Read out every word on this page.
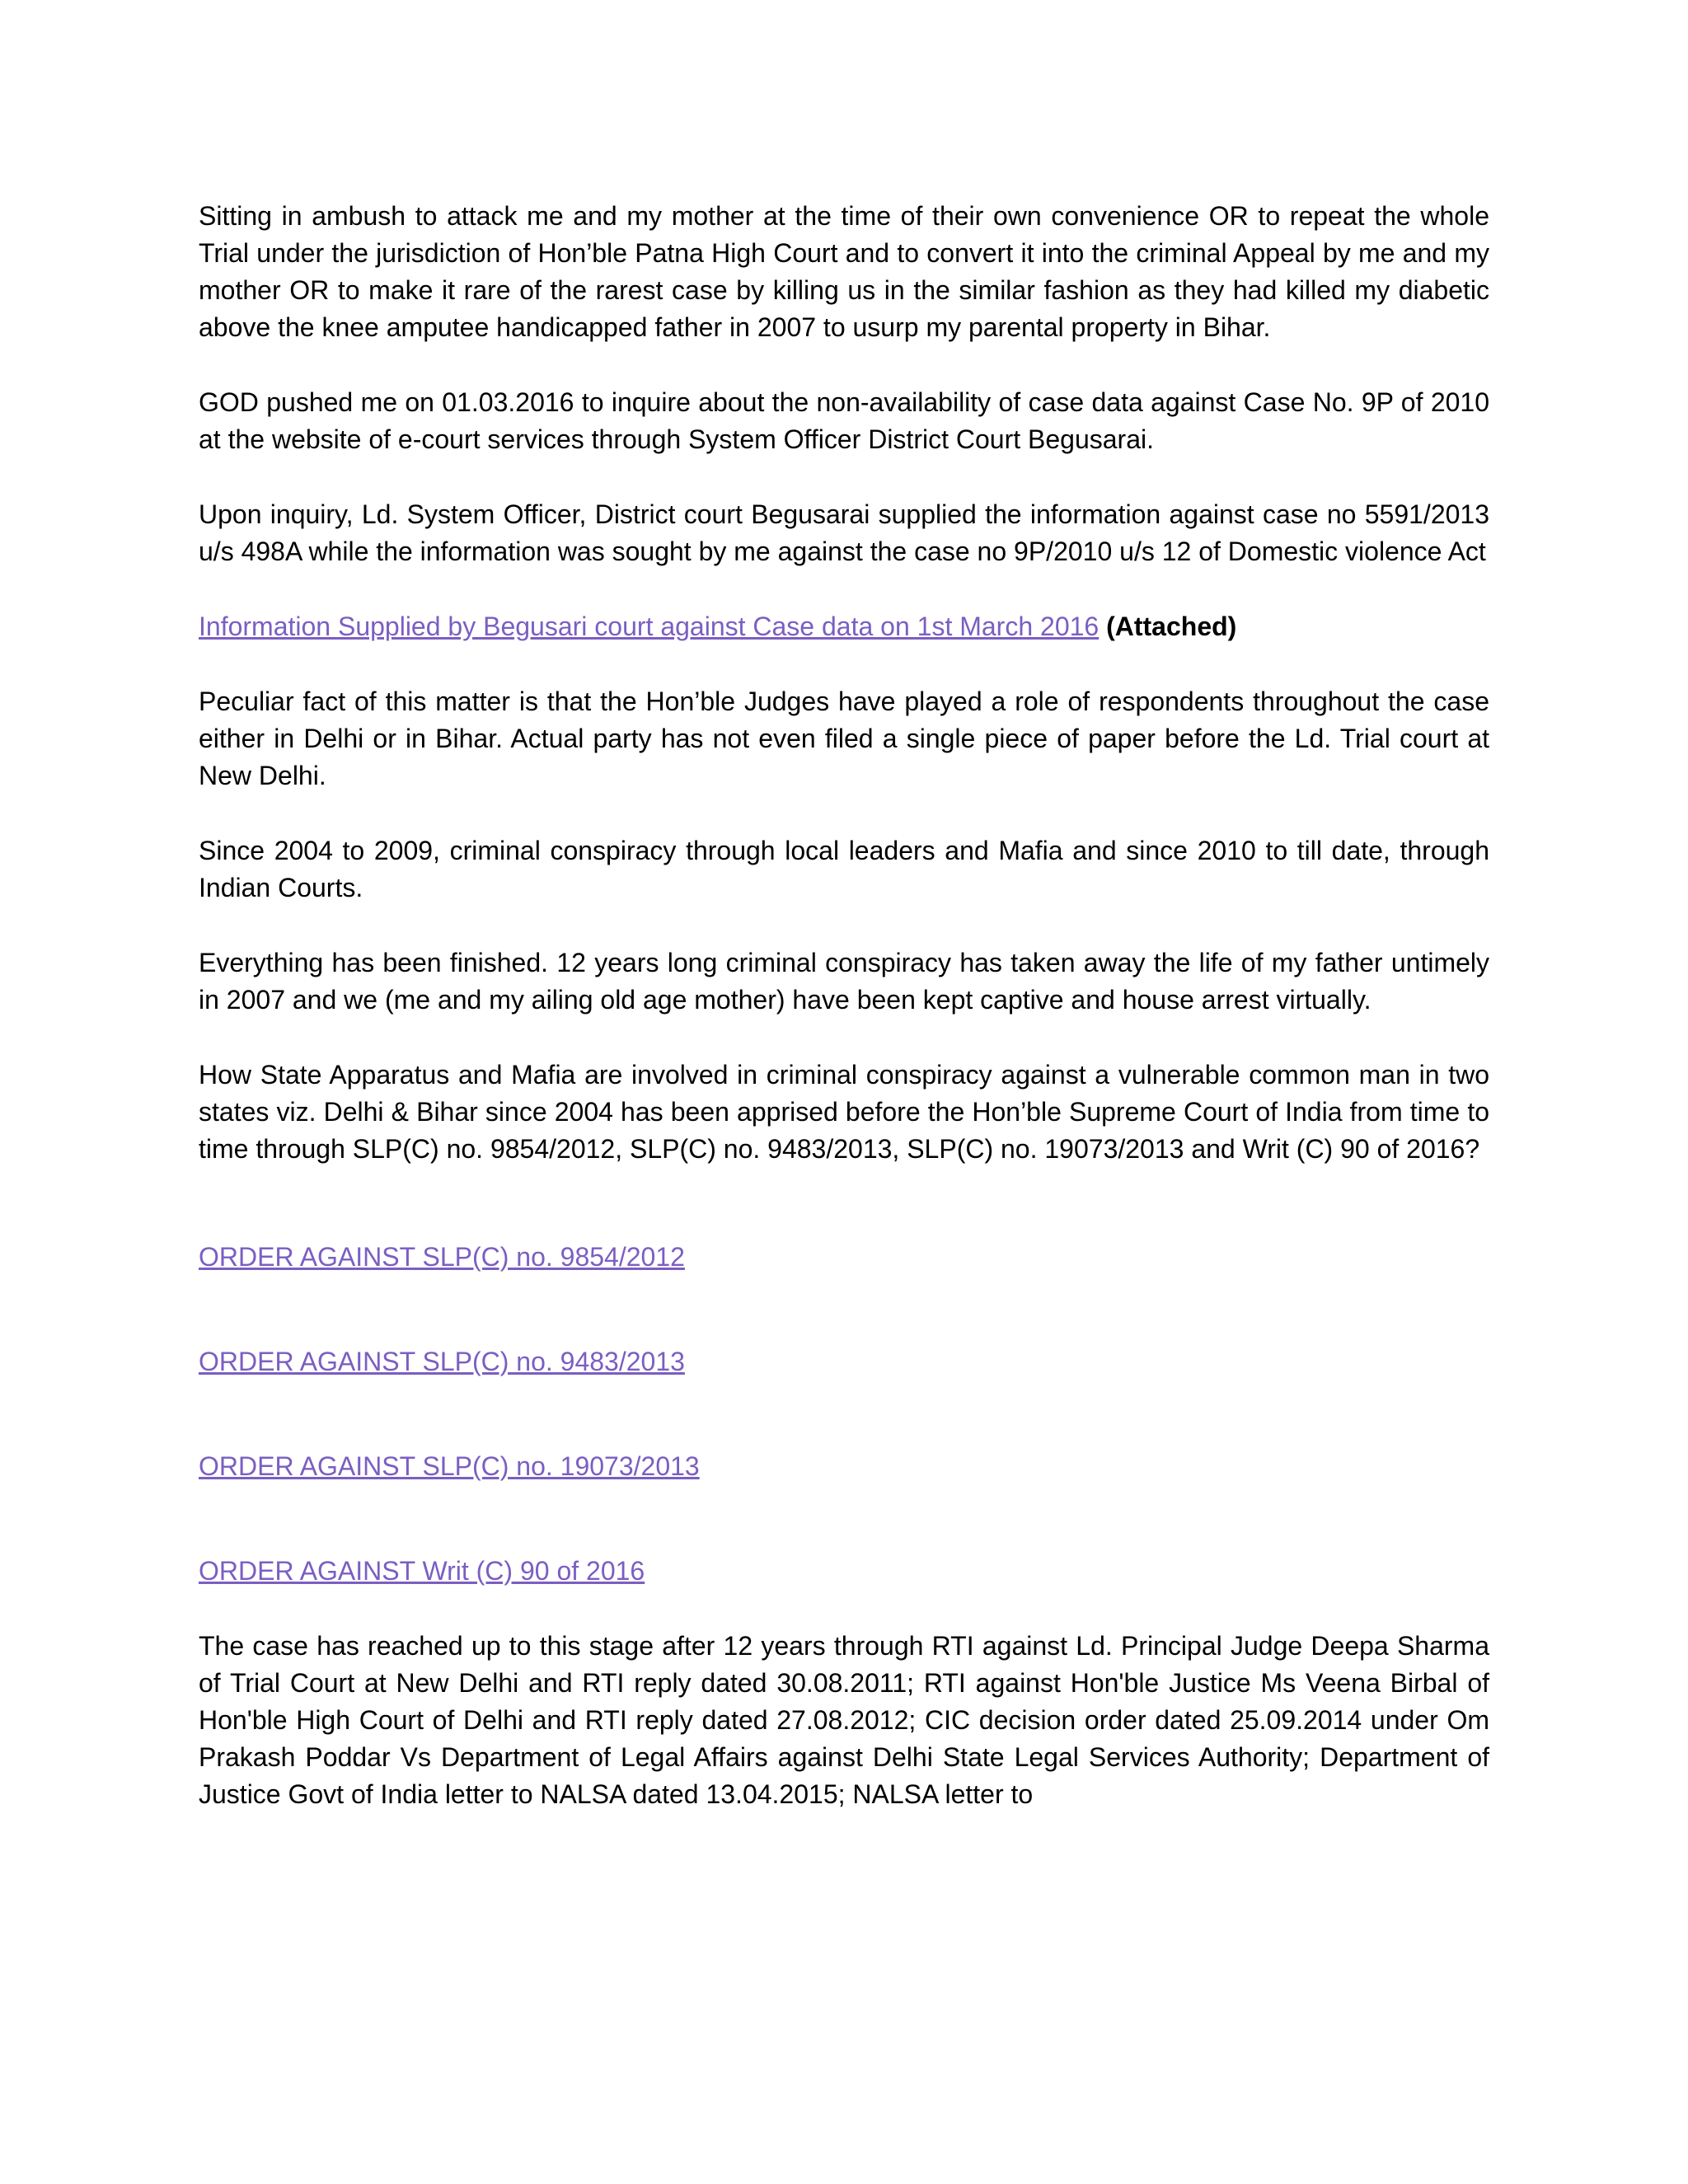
Sitting in ambush to attack me and my mother at the time of their own convenience OR to repeat the whole Trial under the jurisdiction of Hon’ble Patna High Court and to convert it into the criminal Appeal by me and my mother OR to make it rare of the rarest case by killing us in the similar fashion as they had killed my diabetic above the knee amputee handicapped father in 2007 to usurp my parental property in Bihar.

GOD pushed me on 01.03.2016 to inquire about the non-availability of case data against Case No. 9P of 2010 at the website of e-court services through System Officer District Court Begusarai.

Upon inquiry, Ld. System Officer, District court Begusarai supplied the information against case no 5591/2013 u/s 498A while the information was sought by me against the case no 9P/2010 u/s 12 of Domestic violence Act

Information Supplied by Begusari court against Case data on 1st March 2016 (Attached)

Peculiar fact of this matter is that the Hon’ble Judges have played a role of respondents throughout the case either in Delhi or in Bihar. Actual party has not even filed a single piece of paper before the Ld. Trial court at New Delhi.

Since 2004 to 2009, criminal conspiracy through local leaders and Mafia and since 2010 to till date, through Indian Courts.

Everything has been finished. 12 years long criminal conspiracy has taken away the life of my father untimely in 2007 and we (me and my ailing old age mother) have been kept captive and house arrest virtually.

How State Apparatus and Mafia are involved in criminal conspiracy against a vulnerable common man in two states viz. Delhi & Bihar since 2004 has been apprised before the Hon’ble Supreme Court of India from time to time through SLP(C) no. 9854/2012, SLP(C) no. 9483/2013, SLP(C) no. 19073/2013 and Writ (C) 90 of 2016?

ORDER AGAINST SLP(C) no. 9854/2012

ORDER AGAINST SLP(C) no. 9483/2013

ORDER AGAINST SLP(C) no. 19073/2013

ORDER AGAINST Writ (C) 90 of 2016

The case has reached up to this stage after 12 years through RTI against Ld. Principal Judge Deepa Sharma of Trial Court at New Delhi and RTI reply dated 30.08.2011; RTI against Hon'ble Justice Ms Veena Birbal of Hon'ble High Court of Delhi and RTI reply dated 27.08.2012; CIC decision order dated 25.09.2014 under Om Prakash Poddar Vs Department of Legal Affairs against Delhi State Legal Services Authority; Department of Justice Govt of India letter to NALSA dated 13.04.2015; NALSA letter to
